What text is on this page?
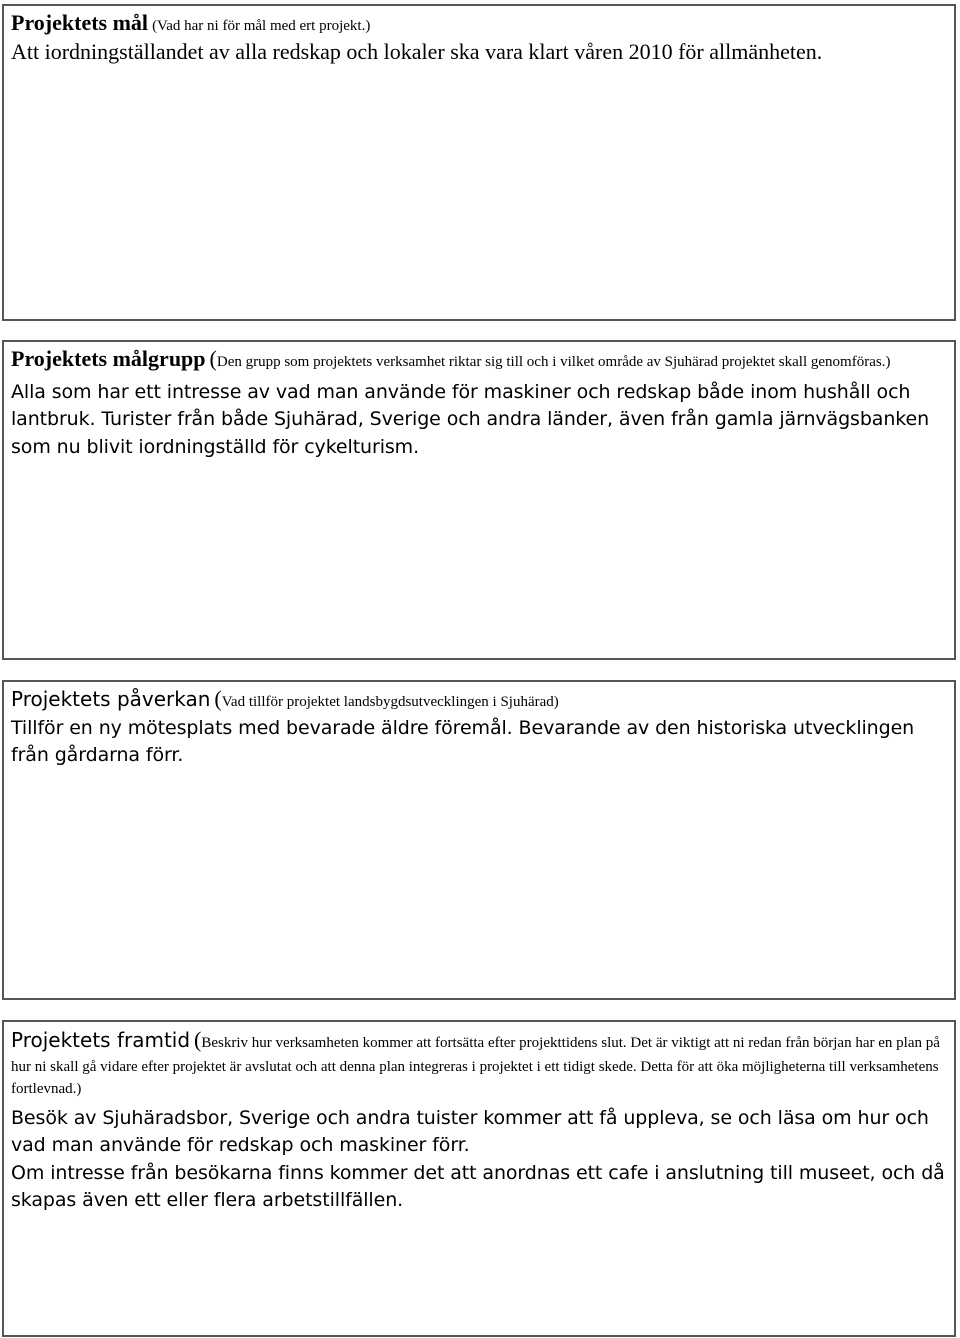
Projektets mål (Vad har ni för mål med ert projekt.)

Att iordningställandet av alla redskap och lokaler ska vara klart våren 2010 för allmänheten.

Projektets målgrupp (Den grupp som projektets verksamhet riktar sig till och i vilket område av Sjuhärad projektet skall genomföras.)

Alla som har ett intresse av vad man använde för maskiner och redskap både inom hushåll och lantbruk. Turister från både Sjuhärad, Sverige och andra länder, även från gamla järnvägsbanken som nu blivit iordningställd för cykelturism.

Projektets påverkan (Vad tillför projektet landsbygdsutvecklingen i Sjuhärad)

Tillför en ny mötesplats med bevarade äldre föremål. Bevarande av den historiska utvecklingen från gårdarna förr.

Projektets framtid (Beskriv hur verksamheten kommer att fortsätta efter projekttidens slut. Det är viktigt att ni redan från början har en plan på hur ni skall gå vidare efter projektet är avslutat och att denna plan integreras i projektet i ett tidigt skede. Detta för att öka möjligheterna till verksamhetens fortlevnad.)

Besök av Sjuhäradsbor, Sverige och andra tuister kommer att få uppleva, se och läsa om hur och vad man använde för redskap och maskiner förr.

Om intresse från besökarna finns kommer det att anordnas ett cafe i anslutning till museet, och då skapas även ett eller flera arbetstillfällen.
